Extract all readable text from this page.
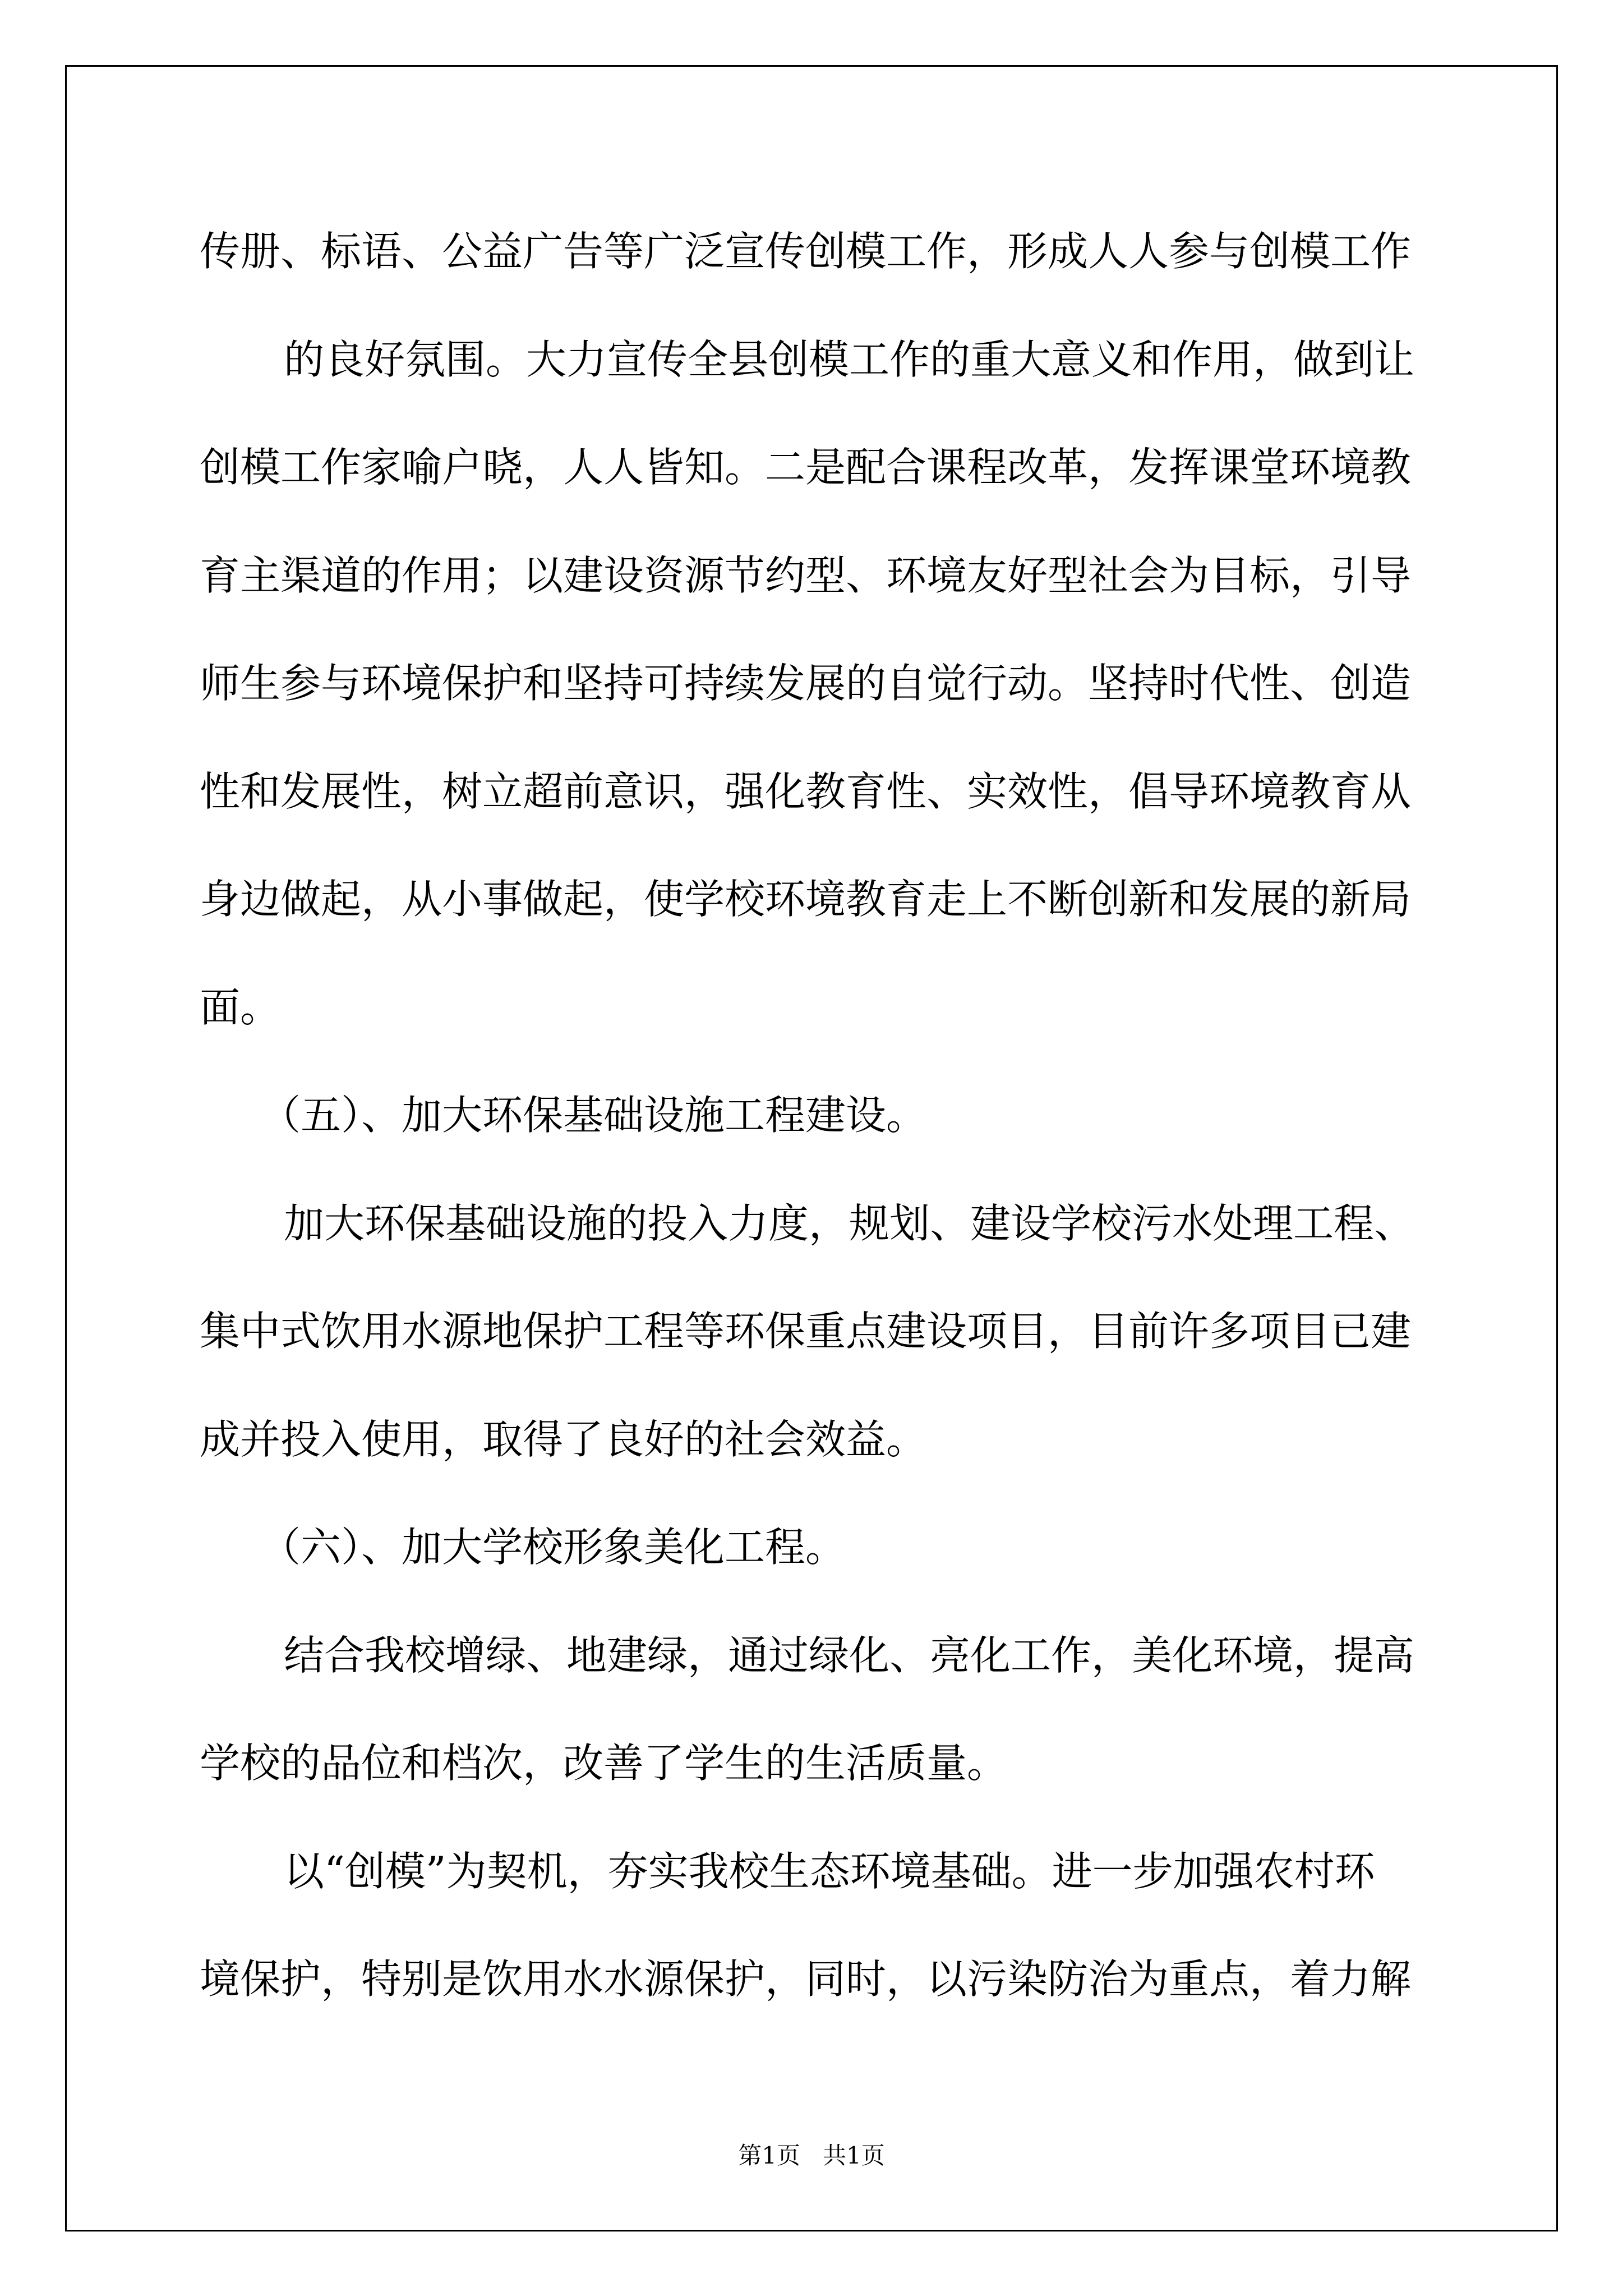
传册、标语、公益广告等广泛宣传创模工作，形成人人参与创模工作
的良好氛围。大力宣传全县创模工作的重大意义和作用，做到让
创模工作家喻户晓，人人皆知。二是配合课程改革，发挥课堂环境教
育主渠道的作用；以建设资源节约型、环境友好型社会为目标，引导
师生参与环境保护和坚持可持续发展的自觉行动。坚持时代性、创造
性和发展性，树立超前意识，强化教育性、实效性，倡导环境教育从
身边做起，从小事做起，使学校环境教育走上不断创新和发展的新局
面。
（五）、加大环保基础设施工程建设。
加大环保基础设施的投入力度，规划、建设学校污水处理工程、
集中式饮用水源地保护工程等环保重点建设项目，目前许多项目已建
成并投入使用，取得了良好的社会效益。
（六）、加大学校形象美化工程。
结合我校增绿、地建绿，通过绿化、亮化工作，美化环境，提高
学校的品位和档次，改善了学生的生活质量。
以“创模”为契机，夯实我校生态环境基础。进一步加强农村环
境保护，特别是饮用水水源保护，同时，以污染防治为重点，着力解
第1页 共1页
